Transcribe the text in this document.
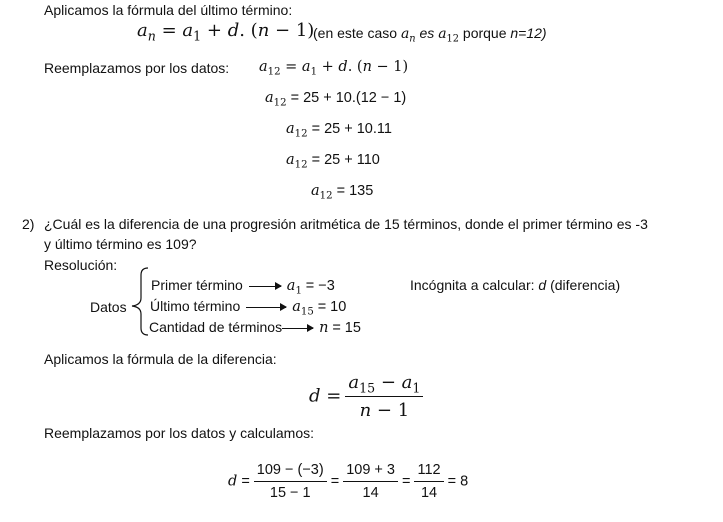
Aplicamos la fórmula del último término:
$a_n = a_1 + d$. (n − 1)
(en este caso $a_n$ es $a_{12}$ porque n=12)
Reemplazamos por los datos: $a_{12} = a_1 + d$. (n − 1)
$a_{12} = 25 + 10.(12 - 1)$
$a_{12} = 25 + 10.11$
$a_{12} = 25 + 110$
$a_{12} = 135$
2) ¿Cuál es la diferencia de una progresión aritmética de 15 términos, donde el primer término es -3
y último término es 109?
Resolución:
Datos
Primer término	$a_1 = -3$
Último término	$a_{15} = 10$
Cantidad de términos	n = 15
Incógnita a calcular: d (diferencia)
Aplicamos la fórmula de la diferencia:
$d = \frac{a_{15} - a_1}{n - 1}$
Reemplazamos por los datos y calculamos:
$d = \frac{109 - (-3)}{15 - 1} = \frac{109 + 3}{14} = \frac{112}{14} = 8$
